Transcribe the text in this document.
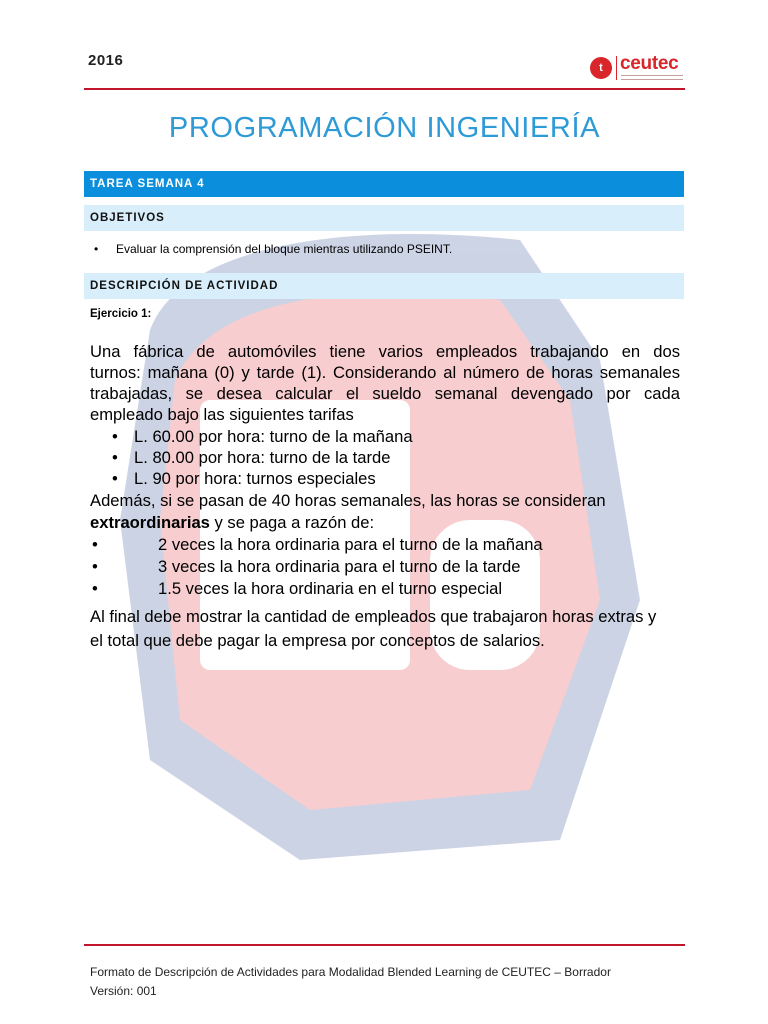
2016	t ceutec
PROGRAMACIÓN INGENIERÍA
TAREA SEMANA 4
OBJETIVOS
• Evaluar la comprensión del bloque mientras utilizando PSEINT.
DESCRIPCIÓN DE ACTIVIDAD
Ejercicio 1:
Una fábrica de automóviles tiene varios empleados trabajando en dos
turnos: mañana (0) y tarde (1). Considerando al número de horas semanales
trabajadas, se desea calcular el sueldo semanal devengado por cada
empleado bajo las siguientes tarifas
• L. 60.00 por hora: turno de la mañana
• L. 80.00 por hora: turno de la tarde
• L. 90 por hora: turnos especiales
Además, si se pasan de 40 horas semanales, las horas se consideran
extraordinarias y se paga a razón de:
•	2 veces la hora ordinaria para el turno de la mañana
•	3 veces la hora ordinaria para el turno de la tarde
•	1.5 veces la hora ordinaria en el turno especial
Al final debe mostrar la cantidad de empleados que trabajaron horas extras y
el total que debe pagar la empresa por conceptos de salarios.
Formato de Descripción de Actividades para Modalidad Blended Learning de CEUTEC – Borrador
Versión: 001
